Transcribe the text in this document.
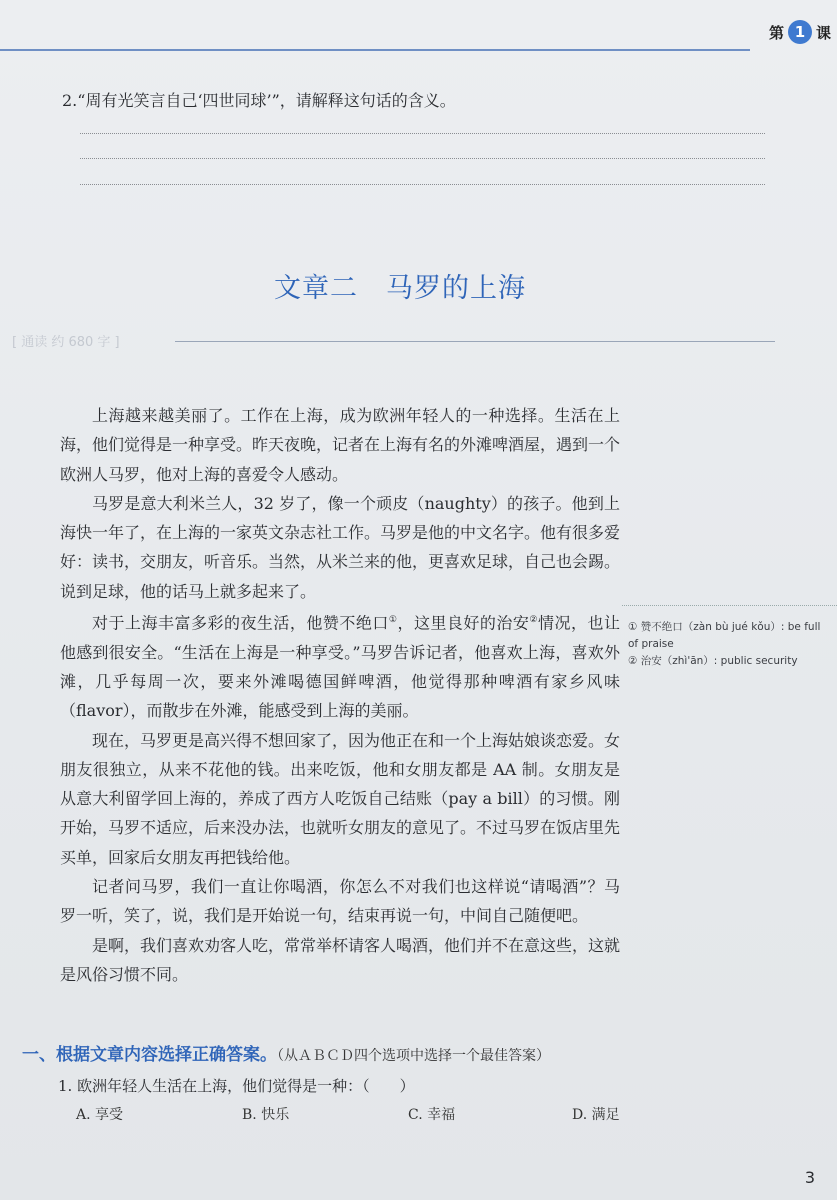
第 1 课
2.“周有光笑言自己‘四世同球’”，请解释这句话的含义。
文章二　马罗的上海
[ 通读 约 680 字 ]

上海越来越美丽了。工作在上海，成为欧洲年轻人的一种选择。生活在上海，他们觉得是一种享受。昨天夜晚，记者在上海有名的外滩啤酒屋，遇到一个欧洲人马罗，他对上海的喜爱令人感动。

马罗是意大利米兰人，32 岁了，像一个顽皮（naughty）的孩子。他到上海快一年了，在上海的一家英文杂志社工作。马罗是他的中文名字。他有很多爱好：读书，交朋友，听音乐。当然，从米兰来的他，更喜欢足球，自己也会踢。说到足球，他的话马上就多起来了。

对于上海丰富多彩的夜生活，他赞不绝口①，这里良好的治安②情况，也让他感到很安全。“生活在上海是一种享受。”马罗告诉记者，他喜欢上海，喜欢外滩，几乎每周一次，要来外滩喝德国鲜啤酒，他觉得那种啤酒有家乡风味（flavor），而散步在外滩，能感受到上海的美丽。

现在，马罗更是高兴得不想回家了，因为他正在和一个上海姑娘谈恋爱。女朋友很独立，从来不花他的钱。出来吃饭，他和女朋友都是 AA 制。女朋友是从意大利留学回上海的，养成了西方人吃饭自己结账（pay a bill）的习惯。刚开始，马罗不适应，后来没办法，也就听女朋友的意见了。不过马罗在饭店里先买单，回家后女朋友再把钱给他。

记者问马罗，我们一直让你喝酒，你怎么不对我们也这样说“请喝酒”？马罗一听，笑了，说，我们是开始说一句，结束再说一句，中间自己随便吧。

是啊，我们喜欢劝客人吃，常常举杯请客人喝酒，他们并不在意这些，这就是风俗习惯不同。

① 赞不绝口（zàn bù jué kǒu）: be full of praise
② 治安（zhì'ān）: public security
一、根据文章内容选择正确答案。（从ＡＢＣＤ四个选项中选择一个最佳答案）
1. 欧洲年轻人生活在上海，他们觉得是一种：（　　）
A. 享受	B. 快乐	C. 幸福	D. 满足
3
